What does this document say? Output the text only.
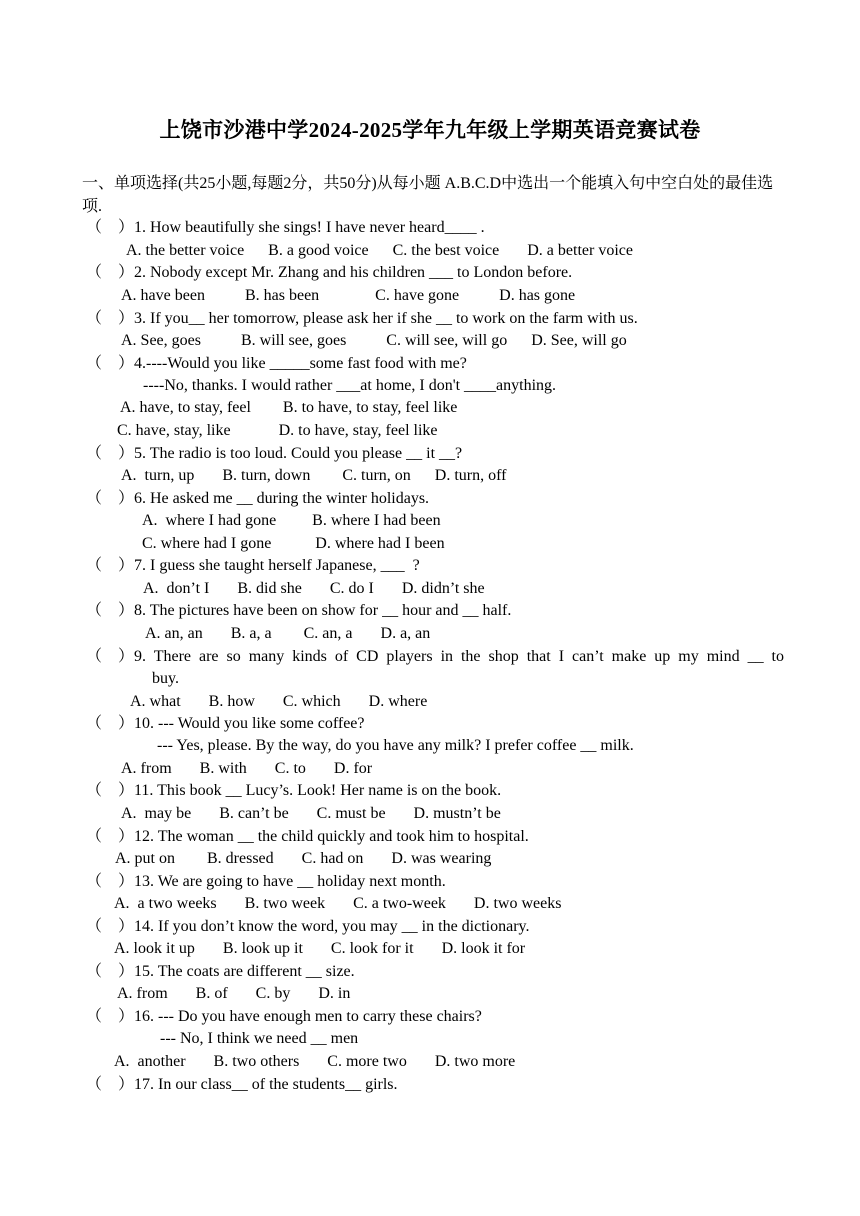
上饶市沙港中学2024-2025学年九年级上学期英语竞赛试卷
一、单项选择(共25小题,每题2分，共50分)从每小题 A.B.C.D中选出一个能填入句中空白处的最佳选项.
（    ）1. How beautifully she sings! I have never heard____ .
A. the better voice      B. a good voice      C. the best voice       D. a better voice
（    ）2. Nobody except Mr. Zhang and his children ___ to London before.
A. have been          B. has been              C. have gone          D. has gone
（    ）3. If you__ her tomorrow, please ask her if she __ to work on the farm with us.
A. See, goes          B. will see, goes          C. will see, will go      D. See, will go
（    ）4.----Would you like _____some fast food with me?
----No, thanks. I would rather ___at home, I don't ____anything.
A. have, to stay, feel        B. to have, to stay, feel like
C. have, stay, like            D. to have, stay, feel like
（    ）5. The radio is too loud. Could you please __ it __?
A.  turn, up       B. turn, down        C. turn, on      D. turn, off
（    ）6. He asked me __ during the winter holidays.
A.  where I had gone         B. where I had been
C. where had I gone           D. where had I been
（    ）7. I guess she taught herself Japanese, ___  ?
A.  don’t I       B. did she       C. do I       D. didn’t she
（    ）8. The pictures have been on show for __ hour and __ half.
A. an, an       B. a, a        C. an, a       D. a, an
（ ）9. There are so many kinds of CD players in the shop that I can’t make up my mind __ to
buy.
A. what       B. how       C. which       D. where
（    ）10. --- Would you like some coffee?
--- Yes, please. By the way, do you have any milk? I prefer coffee __ milk.
A. from       B. with       C. to       D. for
（    ）11. This book __ Lucy’s. Look! Her name is on the book.
A.  may be       B. can’t be       C. must be       D. mustn’t be
（    ）12. The woman __ the child quickly and took him to hospital.
A. put on        B. dressed       C. had on       D. was wearing
（    ）13. We are going to have __ holiday next month.
A.  a two weeks       B. two week       C. a two-week       D. two weeks
（    ）14. If you don’t know the word, you may __ in the dictionary.
A. look it up       B. look up it       C. look for it       D. look it for
（    ）15. The coats are different __ size.
A. from       B. of       C. by       D. in
（    ）16. --- Do you have enough men to carry these chairs?
--- No, I think we need __ men
A.  another       B. two others       C. more two       D. two more
（    ）17. In our class__ of the students__ girls.
